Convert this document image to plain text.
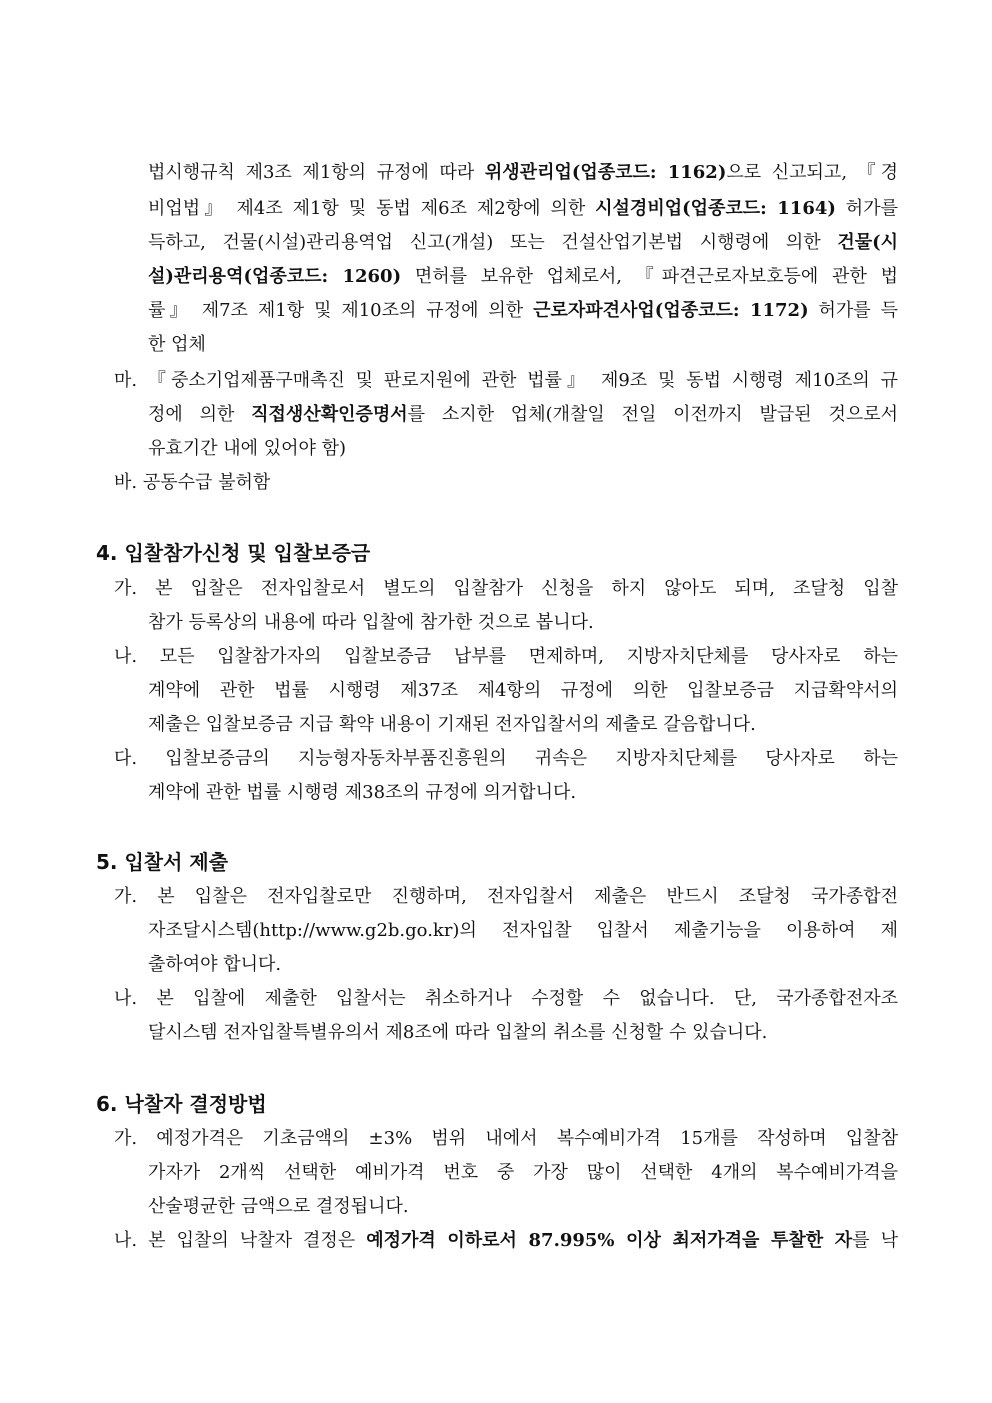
법시행규칙 제3조 제1항의 규정에 따라 위생관리업(업종코드: 1162)으로 신고되고, 『경
비업법』 제4조 제1항 및 동법 제6조 제2항에 의한 시설경비업(업종코드: 1164) 허가를
득하고, 건물(시설)관리용역업 신고(개설) 또는 건설산업기본법 시행령에 의한 건물(시
설)관리용역(업종코드: 1260) 면허를 보유한 업체로서, 『파견근로자보호등에 관한 법
률』 제7조 제1항 및 제10조의 규정에 의한 근로자파견사업(업종코드: 1172) 허가를 득
한 업체
마. 『중소기업제품구매촉진 및 판로지원에 관한 법률』 제9조 및 동법 시행령 제10조의 규
정에 의한 직접생산확인증명서를 소지한 업체(개찰일 전일 이전까지 발급된 것으로서
유효기간 내에 있어야 함)
바. 공동수급 불허함
4. 입찰참가신청 및 입찰보증금
가. 본 입찰은 전자입찰로서 별도의 입찰참가 신청을 하지 않아도 되며, 조달청 입찰
참가 등록상의 내용에 따라 입찰에 참가한 것으로 봅니다.
나. 모든 입찰참가자의 입찰보증금 납부를 면제하며, 지방자치단체를 당사자로 하는
계약에 관한 법률 시행령 제37조 제4항의 규정에 의한 입찰보증금 지급확약서의
제출은 입찰보증금 지급 확약 내용이 기재된 전자입찰서의 제출로 갈음합니다.
다. 입찰보증금의 지능형자동차부품진흥원의 귀속은 지방자치단체를 당사자로 하는
계약에 관한 법률 시행령 제38조의 규정에 의거합니다.
5. 입찰서 제출
가. 본 입찰은 전자입찰로만 진행하며, 전자입찰서 제출은 반드시 조달청 국가종합전
자조달시스템(http://www.g2b.go.kr)의 전자입찰 입찰서 제출기능을 이용하여 제
출하여야 합니다.
나. 본 입찰에 제출한 입찰서는 취소하거나 수정할 수 없습니다. 단, 국가종합전자조
달시스템 전자입찰특별유의서 제8조에 따라 입찰의 취소를 신청할 수 있습니다.
6. 낙찰자 결정방법
가. 예정가격은 기초금액의 ±3% 범위 내에서 복수예비가격 15개를 작성하며 입찰참
가자가 2개씩 선택한 예비가격 번호 중 가장 많이 선택한 4개의 복수예비가격을
산술평균한 금액으로 결정됩니다.
나. 본 입찰의 낙찰자 결정은 예정가격 이하로서 87.995% 이상 최저가격을 투찰한 자를 낙
